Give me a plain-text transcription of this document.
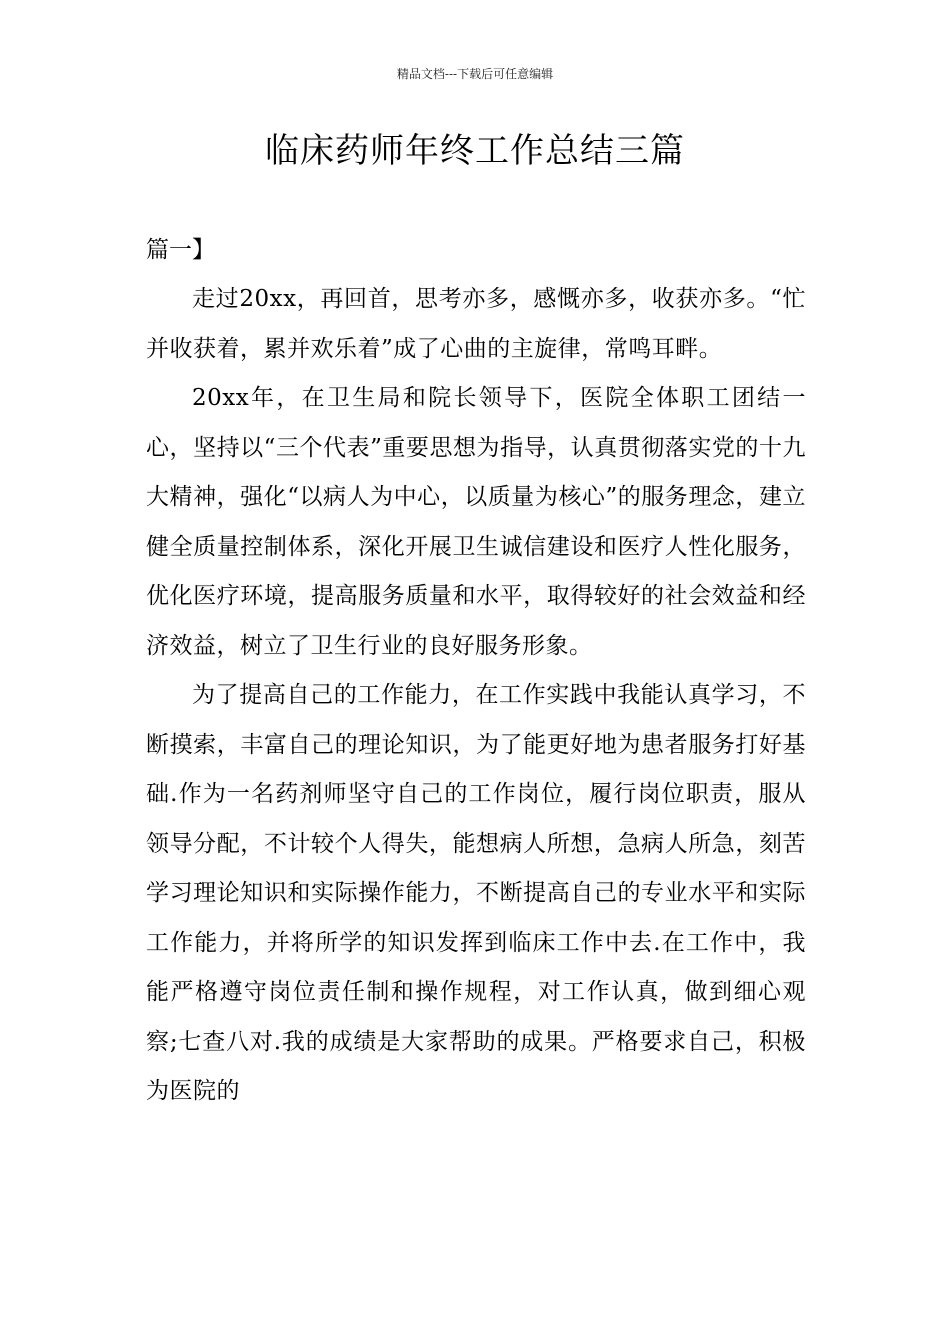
精品文档---下载后可任意编辑
临床药师年终工作总结三篇
篇一】

走过20xx，再回首，思考亦多，感慨亦多，收获亦多。“忙并收获着，累并欢乐着”成了心曲的主旋律，常鸣耳畔。

20xx年，在卫生局和院长领导下，医院全体职工团结一心，坚持以“三个代表”重要思想为指导，认真贯彻落实党的十九大精神，强化“以病人为中心，以质量为核心”的服务理念，建立健全质量控制体系，深化开展卫生诚信建设和医疗人性化服务，优化医疗环境，提高服务质量和水平，取得较好的社会效益和经济效益，树立了卫生行业的良好服务形象。

为了提高自己的工作能力，在工作实践中我能认真学习，不断摸索，丰富自己的理论知识，为了能更好地为患者服务打好基础.作为一名药剂师坚守自己的工作岗位，履行岗位职责，服从领导分配，不计较个人得失，能想病人所想，急病人所急，刻苦学习理论知识和实际操作能力，不断提高自己的专业水平和实际工作能力，并将所学的知识发挥到临床工作中去.在工作中，我能严格遵守岗位责任制和操作规程，对工作认真，做到细心观察;七查八对.我的成绩是大家帮助的成果。严格要求自己，积极为医院的
